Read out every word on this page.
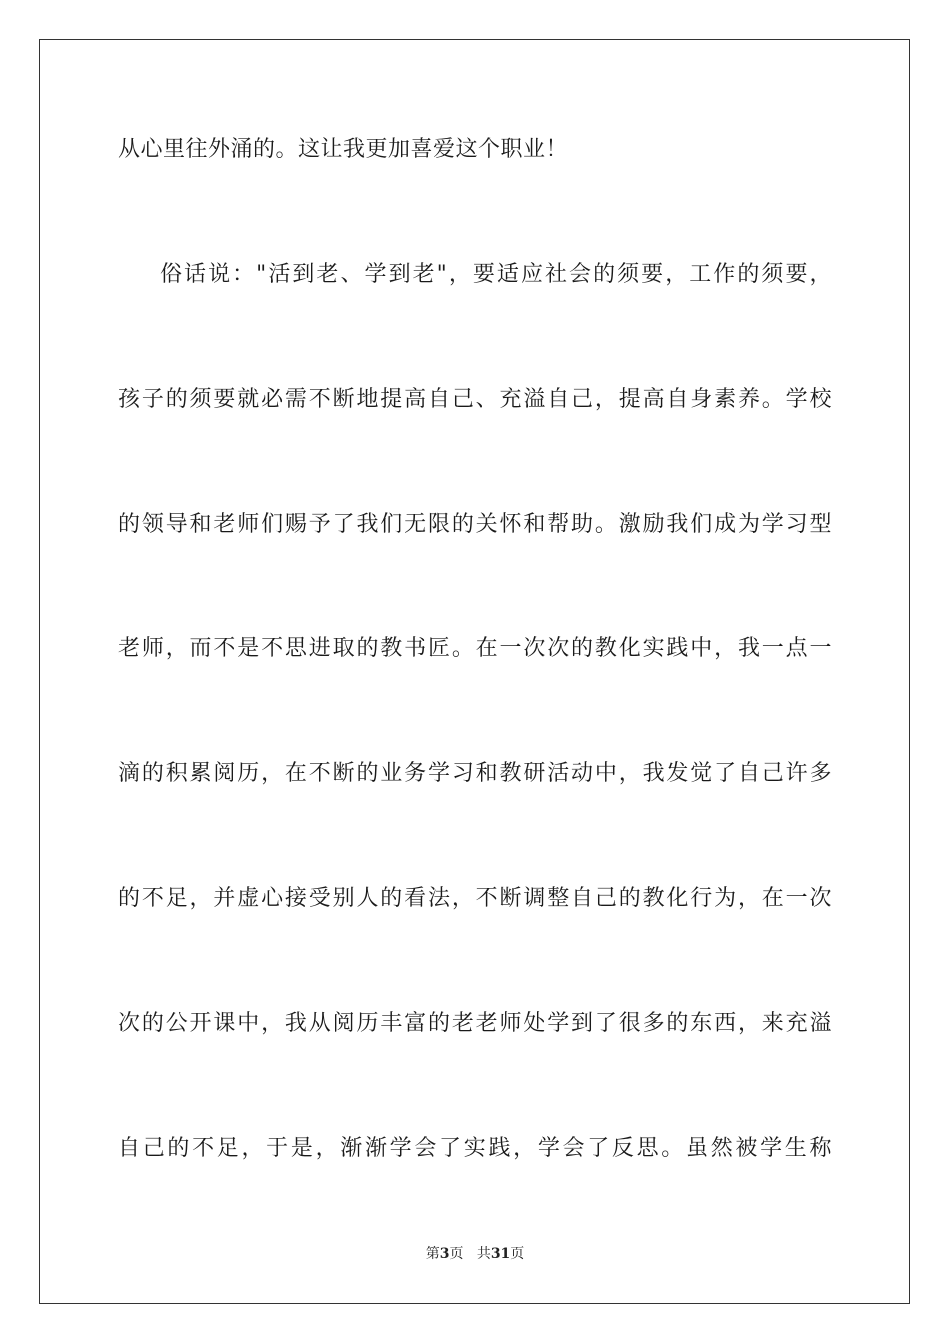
从心里往外涌的。这让我更加喜爱这个职业！
俗话说："活到老、学到老"，要适应社会的须要，工作的须要，
孩子的须要就必需不断地提高自己、充溢自己，提高自身素养。学校
的领导和老师们赐予了我们无限的关怀和帮助。激励我们成为学习型
老师，而不是不思进取的教书匠。在一次次的教化实践中，我一点一
滴的积累阅历，在不断的业务学习和教研活动中，我发觉了自己许多
的不足，并虚心接受别人的看法，不断调整自己的教化行为，在一次
次的公开课中，我从阅历丰富的老老师处学到了很多的东西，来充溢
自己的不足，于是，渐渐学会了实践，学会了反思。虽然被学生称
第3页 共31页
